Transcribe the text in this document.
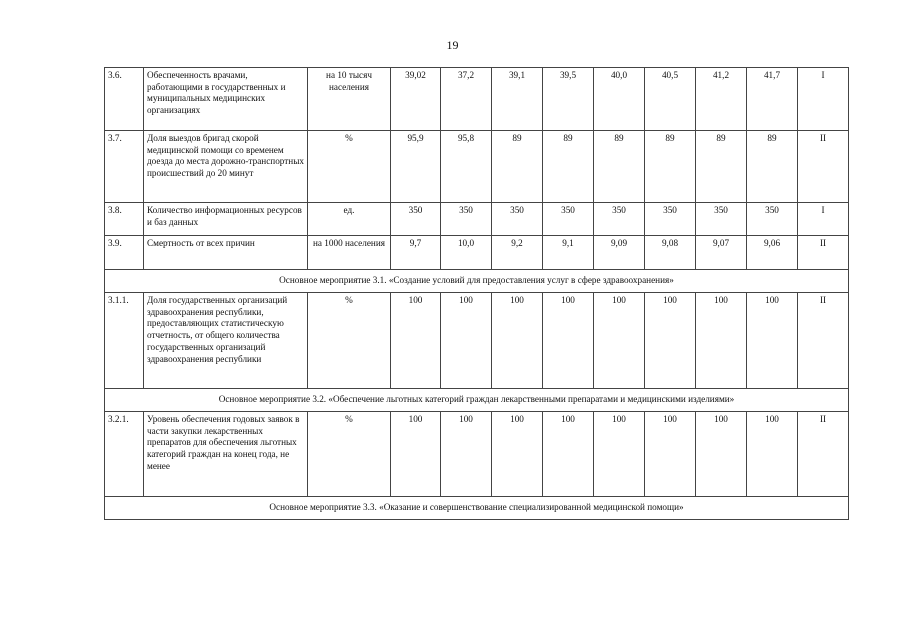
19
3.6.	Обеспеченность врачами, работающими в государственных и муниципальных медицинских организациях	на 10 тысяч населения	39,02	37,2	39,1	39,5	40,0	40,5	41,2	41,7	I
3.7.	Доля выездов бригад скорой медицинской помощи со временем доезда до места дорожно-транспортных происшествий до 20 минут	%	95,9	95,8	89	89	89	89	89	89	II
3.8.	Количество информационных ресурсов и баз данных	ед.	350	350	350	350	350	350	350	350	I
3.9.	Смертность от всех причин	на 1000 населения	9,7	10,0	9,2	9,1	9,09	9,08	9,07	9,06	II
Основное мероприятие 3.1. «Создание условий для предоставления услуг в сфере здравоохранения»											
3.1.1.	Доля государственных организаций здравоохранения республики, предоставляющих статистическую отчетность, от общего количества государственных организаций здравоохранения республики	%	100	100	100	100	100	100	100	100	II
Основное мероприятие 3.2. «Обеспечение льготных категорий граждан лекарственными препаратами и медицинскими изделиями»											
3.2.1.	Уровень обеспечения годовых заявок в части закупки лекарственных препаратов для обеспечения льготных категорий граждан на конец года, не менее	%	100	100	100	100	100	100	100	100	II
Основное мероприятие 3.3. «Оказание и совершенствование специализированной медицинской помощи»											
